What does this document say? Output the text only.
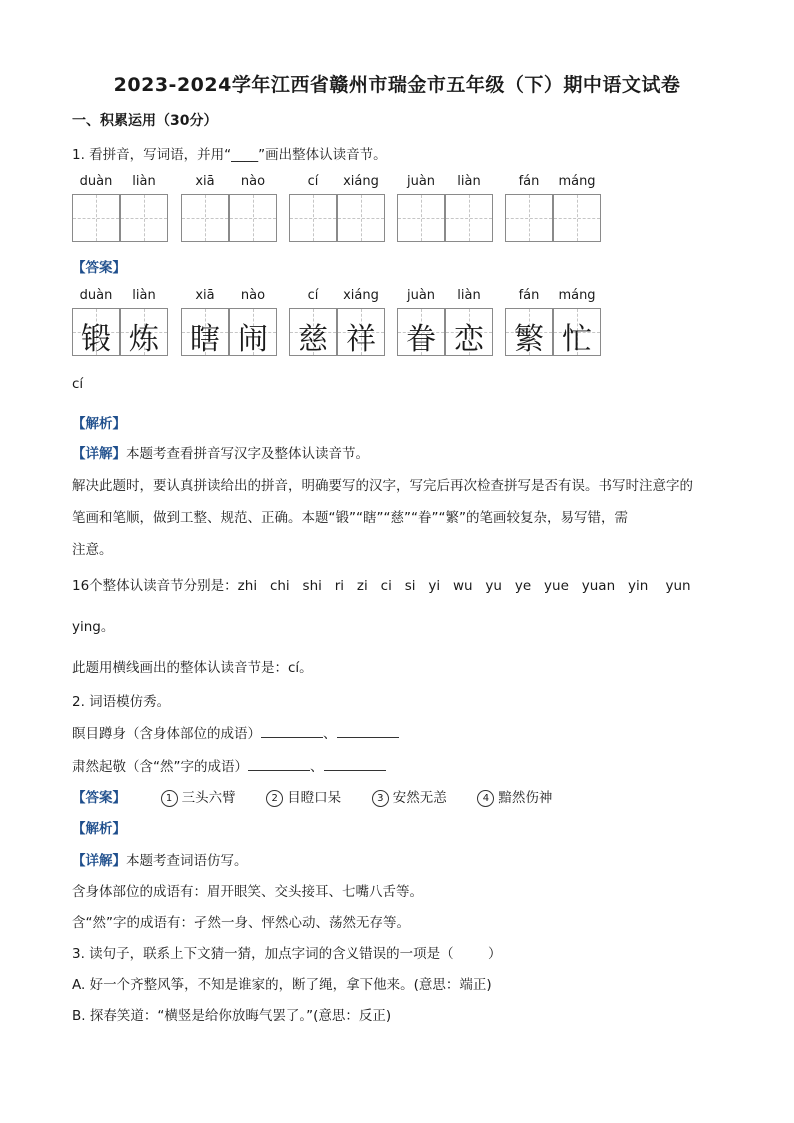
2023-2024学年江西省赣州市瑞金市五年级（下）期中语文试卷
一、积累运用（30分）
1. 看拼音，写词语，并用“____”画出整体认读音节。
duàn	liàn	xiā	nào	cí	xiáng	juàn	liàn	fán	máng
【答案】
duàn	liàn
锻 炼
xiā	nào
瞎 闹
cí	xiáng
慈 祥
juàn	liàn
眷 恋
fán	máng
繁 忙
cí
【解析】
【详解】本题考查看拼音写汉字及整体认读音节。
解决此题时，要认真拼读给出的拼音，明确要写的汉字，写完后再次检查拼写是否有误。书写时注意字的
笔画和笔顺，做到工整、规范、正确。本题“锻”“瞎”“慈”“眷”“繁”的笔画较复杂，易写错，需
注意。
16个整体认读音节分别是：zhi   chi   shi   ri   zi   ci   si   yi   wu   yu   ye   yue   yuan   yin    yun
ying。
此题用横线画出的整体认读音节是：cí。
2. 词语模仿秀。
瞑目蹲身（含身体部位的成语）	、
肃然起敬（含“然”字的成语）	、
【答案】	1 三头六臂	2 目瞪口呆	3 安然无恙	4 黯然伤神
【解析】
【详解】本题考查词语仿写。
含身体部位的成语有：眉开眼笑、交头接耳、七嘴八舌等。
含“然”字的成语有：孑然一身、怦然心动、荡然无存等。
3. 读句子，联系上下文猜一猜，加点字词的含义错误的一项是（        ）
A. 好一个齐整风筝，不知是谁家的，断了绳，拿下他来。(意思：端正)
B. 探春笑道：“横竖是给你放晦气罢了。”(意思：反正)
